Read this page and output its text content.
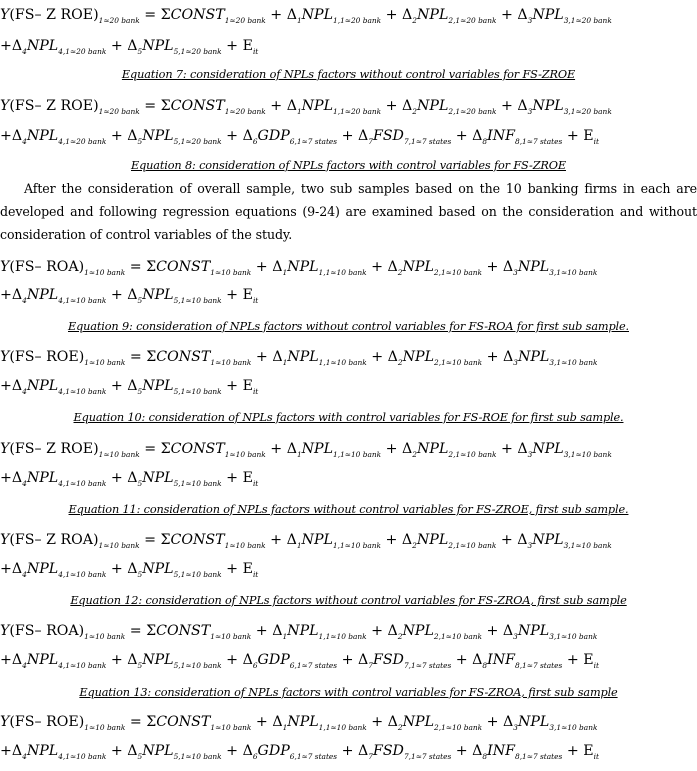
Y(FS– Z $ROE)_{1\approx 20 bank}$ = $\Sigma CONST_{1\approx 20 bank} + \Delta_1NPL_{1,1\approx 20 bank} + \Delta_2NPL_{2,1\approx 20 bank} + \Delta_3NPL_{3,1\approx 20 bank}$
$+\Delta_4NPL_{4,1\approx 20 bank} + \Delta_5NPL_{5,1\approx 20 bank} + E_{it}$
Equation 7: consideration of NPLs factors without control variables for FS-ZROE
Y(FS– Z $ROE)_{1\approx 20 bank}$ = $\Sigma CONST_{1\approx 20 bank} + \Delta_1NPL_{1,1\approx 20 bank} + \Delta_2NPL_{2,1\approx 20 bank} + \Delta_3NPL_{3,1\approx 20 bank}$
$+\Delta_4NPL_{4,1\approx 20 bank} + \Delta_5NPL_{5,1\approx 20 bank} + \Delta_6GDP_{6,1\approx 7 states} + \Delta_7FSD_{7,1\approx 7 states} + \Delta_8INF_{8,1\approx 7 states} + E_{it}$
Equation 8: consideration of NPLs factors with control variables for FS-ZROE
After the consideration of overall sample, two sub samples based on the 10 banking firms in each are developed and following regression equations (9-24) are examined based on the consideration and without consideration of control variables of the study.
Y(FS– $ROA)_{1\approx 10 bank}$ = $\Sigma CONST_{1\approx 10 bank} + \Delta_1NPL_{1,1\approx 10 bank} + \Delta_2NPL_{2,1\approx 10 bank} + \Delta_3NPL_{3,1\approx 10 bank}$
$+\Delta_4NPL_{4,1\approx 10 bank} + \Delta_5NPL_{5,1\approx 10 bank} + E_{it}$
Equation 9: consideration of NPLs factors without control variables for FS-ROA for first sub sample.
Y(FS– $ROE)_{1\approx 10 bank}$ = $\Sigma CONST_{1\approx 10 bank} + \Delta_1NPL_{1,1\approx 10 bank} + \Delta_2NPL_{2,1\approx 10 bank} + \Delta_3NPL_{3,1\approx 10 bank}$
$+\Delta_4NPL_{4,1\approx 10 bank} + \Delta_5NPL_{5,1\approx 10 bank} + E_{it}$
Equation 10: consideration of NPLs factors with control variables for FS-ROE for first sub sample.
Y(FS– Z $ROE)_{1\approx 10 bank}$ = $\Sigma CONST_{1\approx 10 bank} + \Delta_1NPL_{1,1\approx 10 bank} + \Delta_2NPL_{2,1\approx 10 bank} + \Delta_3NPL_{3,1\approx 10 bank}$
$+\Delta_4NPL_{4,1\approx 10 bank} + \Delta_5NPL_{5,1\approx 10 bank} + E_{it}$
Equation 11: consideration of NPLs factors without control variables for FS-ZROE, first sub sample.
Y(FS– Z $ROA)_{1\approx 10 bank}$ = $\Sigma CONST_{1\approx 10 bank} + \Delta_1NPL_{1,1\approx 10 bank} + \Delta_2NPL_{2,1\approx 10 bank} + \Delta_3NPL_{3,1\approx 10 bank}$
$+\Delta_4NPL_{4,1\approx 10 bank} + \Delta_5NPL_{5,1\approx 10 bank} + E_{it}$
Equation 12: consideration of NPLs factors without control variables for FS-ZROA, first sub sample
Y(FS– $ROA)_{1\approx 10 bank}$ = $\Sigma CONST_{1\approx 10 bank} + \Delta_1NPL_{1,1\approx 10 bank} + \Delta_2NPL_{2,1\approx 10 bank} + \Delta_3NPL_{3,1\approx 10 bank}$
$+\Delta_4NPL_{4,1\approx 10 bank} + \Delta_5NPL_{5,1\approx 10 bank} + \Delta_6GDP_{6,1\approx 7 states} + \Delta_7FSD_{7,1\approx 7 states} + \Delta_8INF_{8,1\approx 7 states} + E_{it}$
Equation 13: consideration of NPLs factors with control variables for FS-ZROA, first sub sample
Y(FS– $ROE)_{1\approx 10 bank}$ = $\Sigma CONST_{1\approx 10 bank} + \Delta_1NPL_{1,1\approx 10 bank} + \Delta_2NPL_{2,1\approx 10 bank} + \Delta_3NPL_{3,1\approx 10 bank}$
$+\Delta_4NPL_{4,1\approx 10 bank} + \Delta_5NPL_{5,1\approx 10 bank} + \Delta_6GDP_{6,1\approx 7 states} + \Delta_7FSD_{7,1\approx 7 states} + \Delta_8INF_{8,1\approx 7 states} + E_{it}$
